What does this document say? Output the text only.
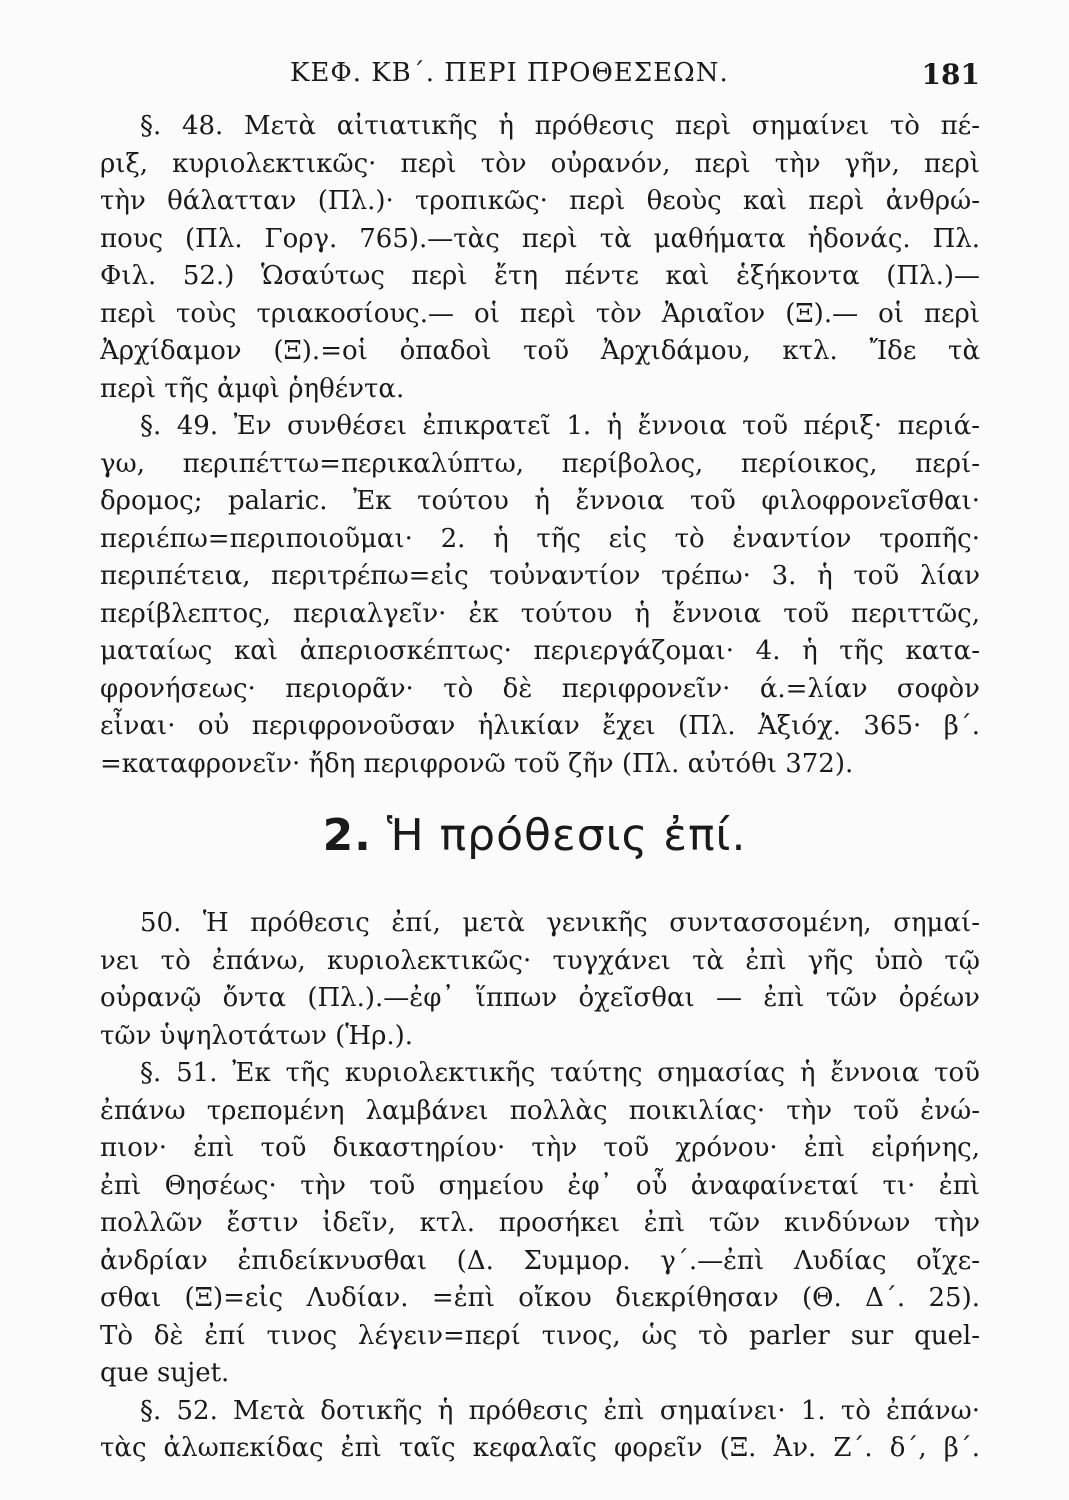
ΚΕΦ. ΚΒ΄. ΠΕΡΙ ΠΡΟΘΕΣΕΩΝ.	181
§. 48. Μετὰ αἰτιατικῆς ἡ πρόθεσις περὶ σημαίνει τὸ πέ-
ριξ, κυριολεκτικῶς· περὶ τὸν οὐρανόν, περὶ τὴν γῆν, περὶ
τὴν θάλατταν (Πλ.)· τροπικῶς· περὶ θεοὺς καὶ περὶ ἀνθρώ-
πους (Πλ. Γοργ. 765).—τὰς περὶ τὰ μαθήματα ἡδονάς. Πλ.
Φιλ. 52.) Ὡσαύτως περὶ ἔτη πέντε καὶ ἑξήκοντα (Πλ.)—
περὶ τοὺς τριακοσίους.— οἱ περὶ τὸν Ἀριαῖον (Ξ).— οἱ περὶ
Ἀρχίδαμον (Ξ).=οἱ ὀπαδοὶ τοῦ Ἀρχιδάμου, κτλ. Ἴδε τὰ
περὶ τῆς ἀμφὶ ῥηθέντα.
§. 49. Ἐν συνθέσει ἐπικρατεῖ 1. ἡ ἔννοια τοῦ πέριξ· περιά-
γω, περιπέττω=περικαλύπτω, περίβολος, περίοικος, περί-
δρομος; palaric. Ἐκ τούτου ἡ ἔννοια τοῦ φιλοφρονεῖσθαι·
περιέπω=περιποιοῦμαι· 2. ἡ τῆς εἰς τὸ ἐναντίον τροπῆς·
περιπέτεια, περιτρέπω=εἰς τοὐναντίον τρέπω· 3. ἡ τοῦ λίαν
περίβλεπτος, περιαλγεῖν· ἐκ τούτου ἡ ἔννοια τοῦ περιττῶς,
ματαίως καὶ ἀπεριοσκέπτως· περιεργάζομαι· 4. ἡ τῆς κατα-
φρονήσεως· περιορᾶν· τὸ δὲ περιφρονεῖν· ά.=λίαν σοφὸν
εἶναι· οὐ περιφρονοῦσαν ἡλικίαν ἔχει (Πλ. Ἀξιόχ. 365· β΄.
=καταφρονεῖν· ἤδη περιφρονῶ τοῦ ζῆν (Πλ. αὐτόθι 372).
2. Ἡ πρόθεσις ἐπί.
50. Ἡ πρόθεσις ἐπί, μετὰ γενικῆς συντασσομένη, σημαί-
νει τὸ ἐπάνω, κυριολεκτικῶς· τυγχάνει τὰ ἐπὶ γῆς ὑπὸ τῷ
οὐρανῷ ὄντα (Πλ.).—ἐφ᾽ ἵππων ὀχεῖσθαι — ἐπὶ τῶν ὀρέων
τῶν ὑψηλοτάτων (Ἡρ.).
§. 51. Ἐκ τῆς κυριολεκτικῆς ταύτης σημασίας ἡ ἔννοια τοῦ
ἐπάνω τρεπομένη λαμβάνει πολλὰς ποικιλίας· τὴν τοῦ ἐνώ-
πιον· ἐπὶ τοῦ δικαστηρίου· τὴν τοῦ χρόνου· ἐπὶ εἰρήνης,
ἐπὶ Θησέως· τὴν τοῦ σημείου ἐφ᾽ οὗ ἀναφαίνεταί τι· ἐπὶ
πολλῶν ἔστιν ἰδεῖν, κτλ. προσήκει ἐπὶ τῶν κινδύνων τὴν
ἀνδρίαν ἐπιδείκνυσθαι (Δ. Συμμορ. γ΄.—ἐπὶ Λυδίας οἴχε-
σθαι (Ξ)=εἰς Λυδίαν. =ἐπὶ οἴκου διεκρίθησαν (Θ. Δ΄. 25).
Τὸ δὲ ἐπί τινος λέγειν=περί τινος, ὡς τὸ parler sur quel-
que sujet.
§. 52. Μετὰ δοτικῆς ἡ πρόθεσις ἐπὶ σημαίνει· 1. τὸ ἐπάνω·
τὰς ἀλωπεκίδας ἐπὶ ταῖς κεφαλαῖς φορεῖν (Ξ. Ἀν. Ζ΄. δ΄, β΄.
